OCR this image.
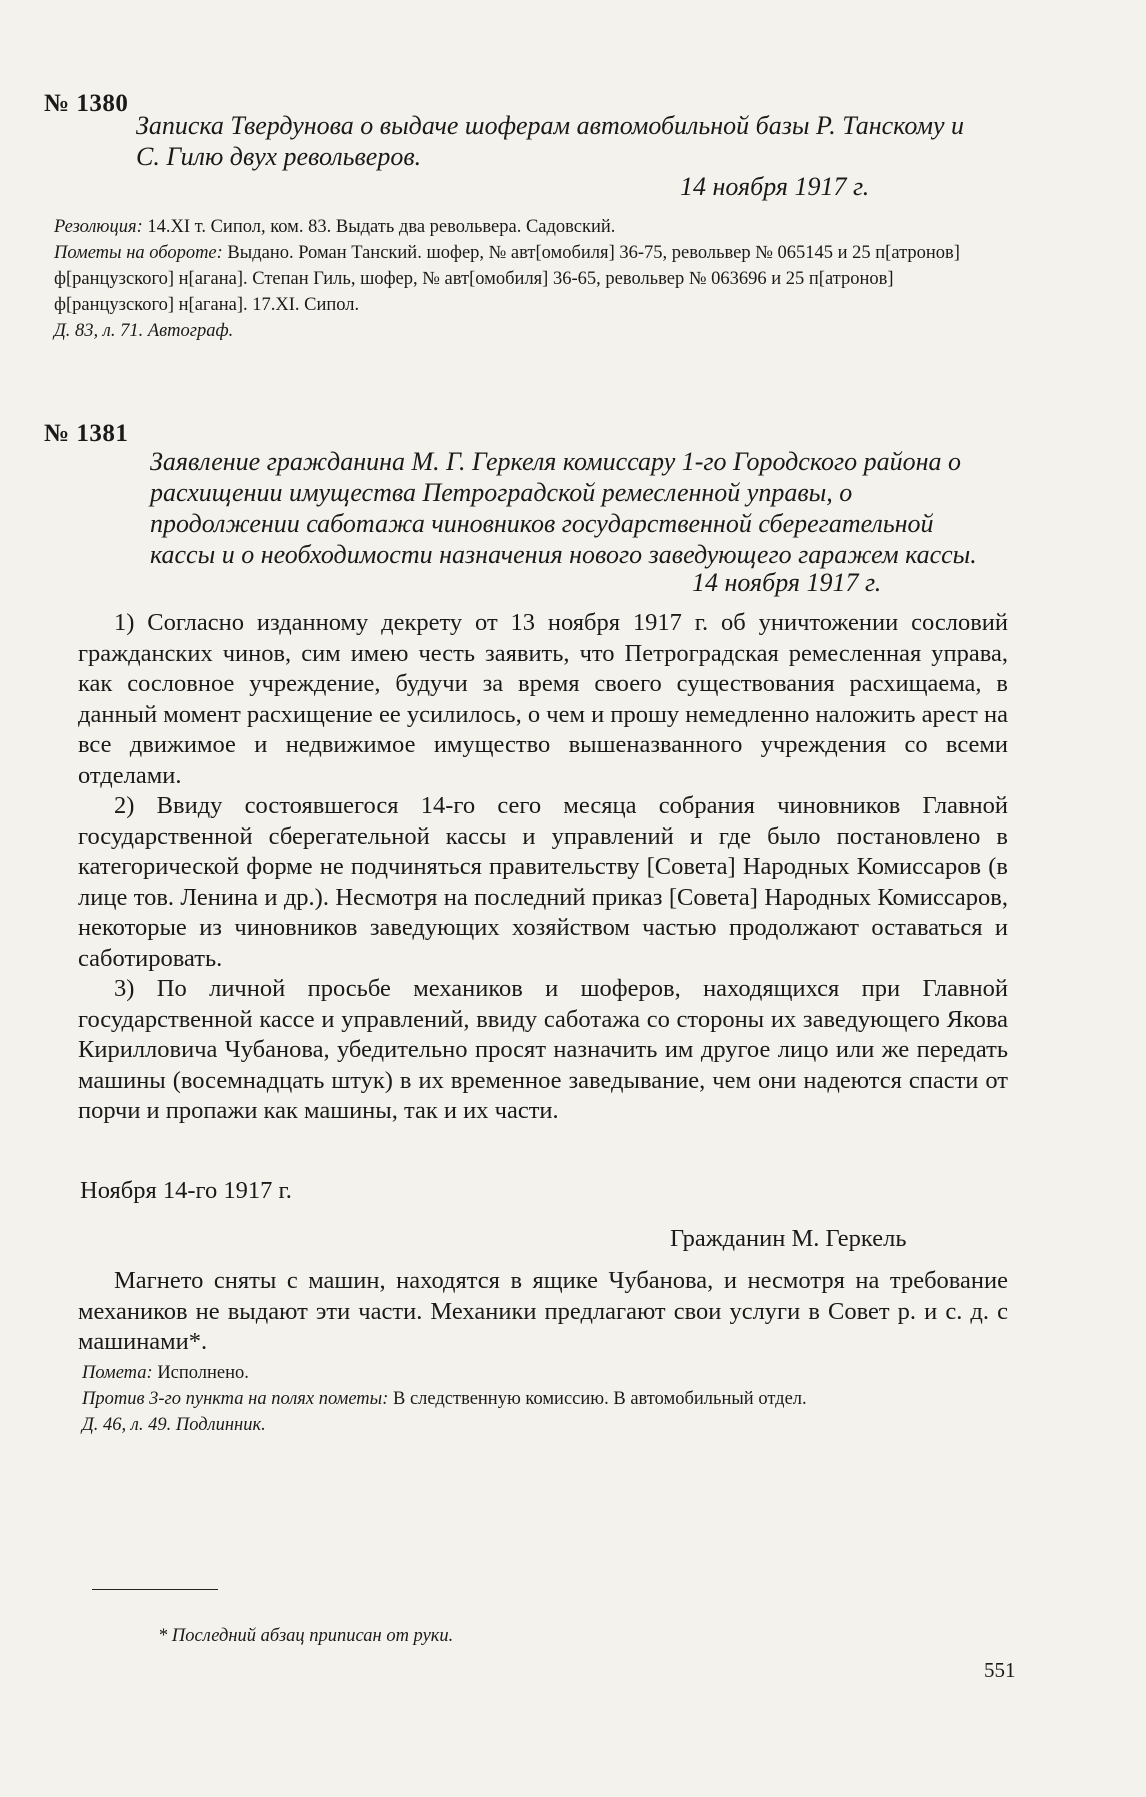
№ 1380
Записка Твердунова о выдаче шоферам автомобильной базы Р. Танскому и С. Гилю двух револьверов.
14 ноября 1917 г.
Резолюция: 14.XI т. Сипол, ком. 83. Выдать два револьвера. Садовский.
Пометы на обороте: Выдано. Роман Танский. шофер, № авт[омобиля] 36-75, револьвер № 065145 и 25 п[атронов] ф[ранцузского] н[агана]. Степан Гиль, шофер, № авт[омобиля] 36-65, револьвер № 063696 и 25 п[атронов] ф[ранцузского] н[агана]. 17.XI. Сипол.
Д. 83, л. 71. Автограф.
№ 1381
Заявление гражданина М. Г. Геркеля комиссару 1-го Городского района о расхищении имущества Петроградской ремесленной управы, о продолжении саботажа чиновников государственной сберегательной кассы и о необходимости назначения нового заведующего гаражем кассы.
14 ноября 1917 г.

1) Согласно изданному декрету от 13 ноября 1917 г. об уничтожении сословий гражданских чинов, сим имею честь заявить, что Петроградская ремесленная управа, как сословное учреждение, будучи за время своего существования расхищаема, в данный момент расхищение ее усилилось, о чем и прошу немедленно наложить арест на все движимое и недвижимое имущество вышеназванного учреждения со всеми отделами.

2) Ввиду состоявшегося 14-го сего месяца собрания чиновников Главной государственной сберегательной кассы и управлений и где было постановлено в категорической форме не подчиняться правительству [Совета] Народных Комиссаров (в лице тов. Ленина и др.). Несмотря на последний приказ [Совета] Народных Комиссаров, некоторые из чиновников заведующих хозяйством частью продолжают оставаться и саботировать.

3) По личной просьбе механиков и шоферов, находящихся при Главной государственной кассе и управлений, ввиду саботажа со стороны их заведующего Якова Кирилловича Чубанова, убедительно просят назначить им другое лицо или же передать машины (восемнадцать штук) в их временное заведывание, чем они надеются спасти от порчи и пропажи как машины, так и их части.

Ноября 14-го 1917 г.
Гражданин М. Геркель

Магнето сняты с машин, находятся в ящике Чубанова, и несмотря на требование механиков не выдают эти части. Механики предлагают свои услуги в Совет р. и с. д. с машинами*.

Помета: Исполнено.
Против 3-го пункта на полях пометы: В следственную комиссию. В автомобильный отдел.
Д. 46, л. 49. Подлинник.
* Последний абзац приписан от руки.
551
